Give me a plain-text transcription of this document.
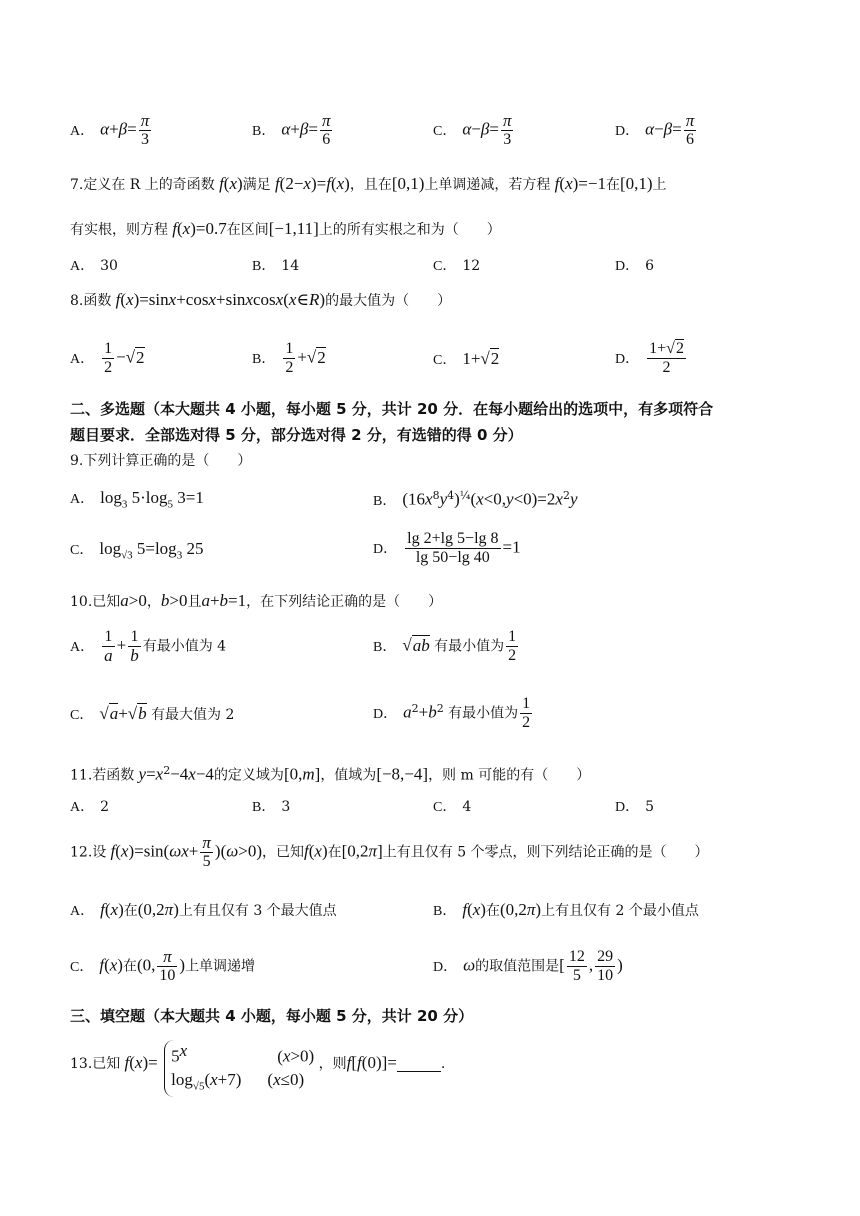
A． $\alpha+\beta= \frac{\pi}{3}$	B． $\alpha+\beta= \frac{\pi}{6}$	C． $\alpha-\beta= \frac{\pi}{3}$	D． $\alpha-\beta= \frac{\pi}{6}$
7.定义在 R 上的奇函数 f(x)满足 f(2−x)=f(x)，且在[0,1)上单调递减，若方程 f(x)=−1在[0,1)上
有实根，则方程 f(x)=0.7在区间[−1,11]上的所有实根之和为（　　）
A． 30	B． 14	C． 12	D． 6
8.函数 f(x)=sinx+cosx+sinxcosx(x∈R)的最大值为（　　）
A． $\frac{1}{2} -√2$	B． $\frac{1}{2} +√2$	C． 1+√2	D． $\frac{1+√2}{2}$
二、多选题（本大题共 4 小题，每小题 5 分，共计 20 分．在每小题给出的选项中，有多项符合
题目要求．全部选对得 5 分，部分选对得 2 分，有选错的得 0 分）
9.下列计算正确的是（　　）
A． $\log_3 5\cdot\log_5$ 3=1	B． $(16x^8y^4)^{\frac{1}{4}}(x<0,y<0)=2x^2y$
C． $\log_{√3} 5=\log_3$ 25	D． $\frac{\lg 2+\lg 5-\lg 8}{\lg 50-\lg 40} =1$
10.已知a>0，b>0且a+b=1，在下列结论正确的是（　　）
A． $\frac{1}{a} + \frac{1}{b}$ 有最小值为 4	B． √ab 有最小值为 $\frac{1}{2}$
C． √a+√b 有最大值为 2	D． $a^2+b^2$ 有最小值为 $\frac{1}{2}$
11.若函数 $y=x^2-4x-4$的定义域为[0,m]，值域为[−8,−4]，则 m 可能的有（　　）
A． 2	B． 3	C． 4	D． 5
12.设 $f(x)=\sin(\omega x+ \frac{\pi}{5} )(\omega>0)$，已知f(x)在[0,2π]上有且仅有 5 个零点，则下列结论正确的是（　　）
A． f(x)在(0,2π)上有且仅有 3 个最大值点	B． f(x)在(0,2π)上有且仅有 2 个最小值点
C． f(x)在(0, $\frac{\pi}{10}$ )上单调递增	D． ω的取值范围是[ $\frac{12}{5}$ , $\frac{29}{10}$ )
三、填空题（本大题共 4 小题，每小题 5 分，共计 20 分）
13.已知 $f(x)= 5^x$	(x>0)
$\log_{√5}(x+7)$ (x≤0)
，则f[f(0)]=	.
